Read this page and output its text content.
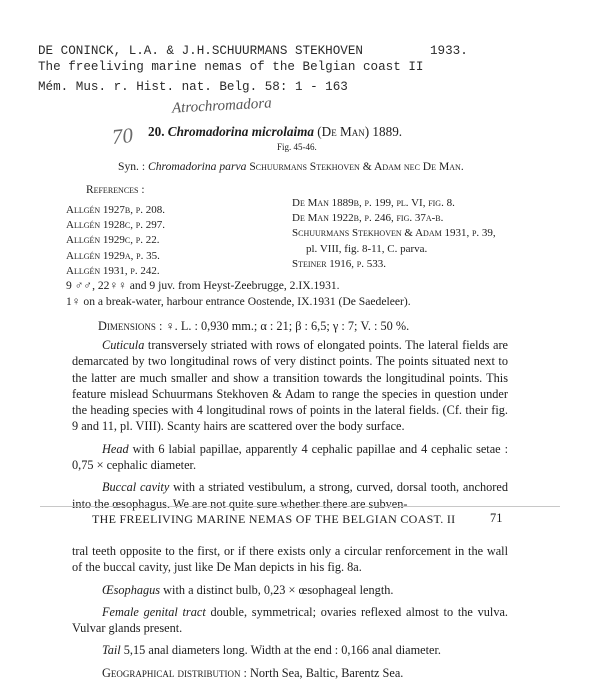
DE CONINCK, L.A. & J.H.SCHUURMANS STEKHOVEN	1933.
The freeliving marine nemas of the Belgian coast II
Mém. Mus. r. Hist. nat. Belg. 58: 1 - 163
Atrochromadora
70 20. Chromadorina microlaima (De Man) 1889.
Fig. 45-46.
Syn. : Chromadorina parva Schuurmans Stekhoven & Adam nec De Man.
References :
Allgén 1927b, p. 208.
Allgén 1928c, p. 297.
Allgén 1929c, p. 22.
Allgén 1929a, p. 35.
Allgén 1931, p. 242.
De Man 1889b, p. 199, pl. VI, fig. 8.
De Man 1922b, p. 246, fig. 37a-b.
Schuurmans Stekhoven & Adam 1931, p. 39,
pl. VIII, fig. 8-11, C. parva.
Steiner 1916, p. 533.
9 ♂♂, 22♀♀ and 9 juv. from Heyst-Zeebrugge, 2.IX.1931.
1♀ on a break-water, harbour entrance Oostende, IX.1931 (De Saedeleer).
Dimensions : ♀. L. : 0,930 mm.; α : 21; β : 6,5; γ : 7; V. : 50 %.

Cuticula transversely striated with rows of elongated points. The lateral fields are demarcated by two longitudinal rows of very distinct points. The points situated next to the latter are much smaller and show a transition towards the longitudinal points. This feature mislead Schuurmans Stekhoven & Adam to range the species in question under the heading species with 4 longitudinal rows of points in the lateral fields. (Cf. their fig. 9 and 11, pl. VIII). Scanty hairs are scattered over the body surface.

Head with 6 labial papillae, apparently 4 cephalic papillae and 4 cephalic setae : 0,75 × cephalic diameter.

Buccal cavity with a striated vestibulum, a strong, curved, dorsal tooth, anchored into the œsophagus. We are not quite sure whether there are subven-

THE FREELIVING MARINE NEMAS OF THE BELGIAN COAST. II	71

tral teeth opposite to the first, or if there exists only a circular renforcement in the wall of the buccal cavity, just like De Man depicts in his fig. 8a.

Œsophagus with a distinct bulb, 0,23 × œsophageal length.

Female genital tract double, symmetrical; ovaries reflexed almost to the vulva. Vulvar glands present.

Tail 5,15 anal diameters long. Width at the end : 0,166 anal diameter.

Geographical distribution : North Sea, Baltic, Barentz Sea.
